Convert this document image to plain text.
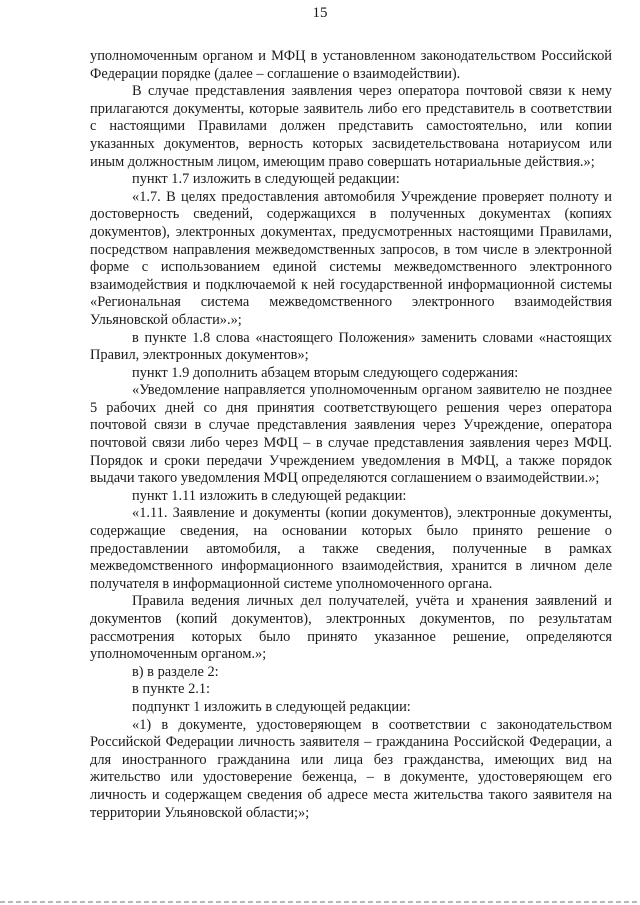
15

уполномоченным органом и МФЦ в установленном законодательством Российской Федерации порядке (далее – соглашение о взаимодействии).

В случае представления заявления через оператора почтовой связи к нему прилагаются документы, которые заявитель либо его представитель в соответствии с настоящими Правилами должен представить самостоятельно, или копии указанных документов, верность которых засвидетельствована нотариусом или иным должностным лицом, имеющим право совершать нотариальные действия.»;

пункт 1.7 изложить в следующей редакции:

«1.7. В целях предоставления автомобиля Учреждение проверяет полноту и достоверность сведений, содержащихся в полученных документах (копиях документов), электронных документах, предусмотренных настоящими Правилами, посредством направления межведомственных запросов, в том числе в электронной форме с использованием единой системы межведомственного электронного взаимодействия и подключаемой к ней государственной информационной системы «Региональная система межведомственного электронного взаимодействия Ульяновской области».»;

в пункте 1.8 слова «настоящего Положения» заменить словами «настоящих Правил, электронных документов»;

пункт 1.9 дополнить абзацем вторым следующего содержания:

«Уведомление направляется уполномоченным органом заявителю не позднее 5 рабочих дней со дня принятия соответствующего решения через оператора почтовой связи в случае представления заявления через Учреждение, оператора почтовой связи либо через МФЦ – в случае представления заявления через МФЦ. Порядок и сроки передачи Учреждением уведомления в МФЦ, а также порядок выдачи такого уведомления МФЦ определяются соглашением о взаимодействии.»;

пункт 1.11 изложить в следующей редакции:

«1.11. Заявление и документы (копии документов), электронные документы, содержащие сведения, на основании которых было принято решение о предоставлении автомобиля, а также сведения, полученные в рамках межведомственного информационного взаимодействия, хранится в личном деле получателя в информационной системе уполномоченного органа.

Правила ведения личных дел получателей, учёта и хранения заявлений и документов (копий документов), электронных документов, по результатам рассмотрения которых было принято указанное решение, определяются уполномоченным органом.»;

в) в разделе 2:

в пункте 2.1:

подпункт 1 изложить в следующей редакции:

«1) в документе, удостоверяющем в соответствии с законодательством Российской Федерации личность заявителя – гражданина Российской Федерации, а для иностранного гражданина или лица без гражданства, имеющих вид на жительство или удостоверение беженца, – в документе, удостоверяющем его личность и содержащем сведения об адресе места жительства такого заявителя на территории Ульяновской области;»;
